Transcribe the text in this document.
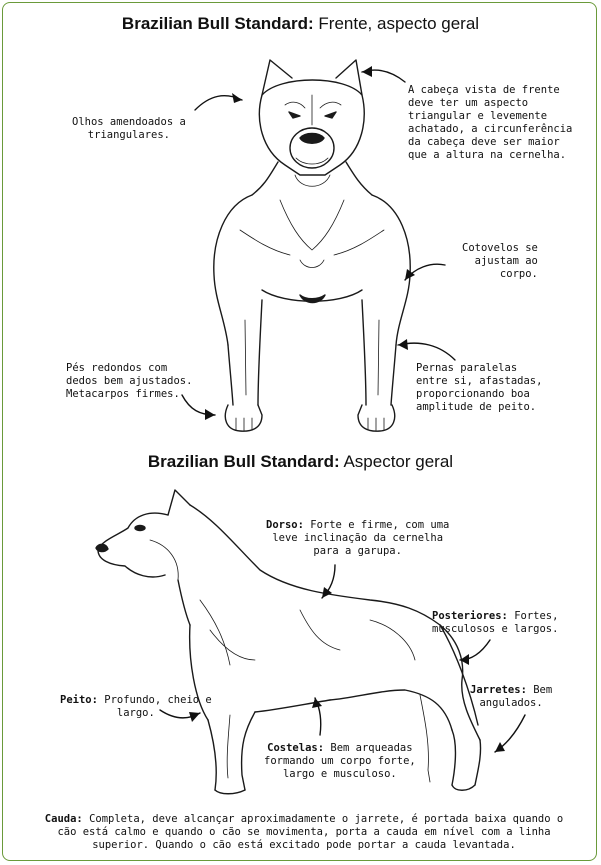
Brazilian Bull Standard: Frente, aspecto geral
Brazilian Bull Standard: Aspector geral
Olhos amendoados a
triangulares.
A cabeça vista de frente
deve ter um aspecto
triangular e levemente
achatado, a circunferência
da cabeça deve ser maior
que a altura na cernelha.
Cotovelos se
ajustam ao
corpo.
Pés redondos com
dedos bem ajustados.
Metacarpos firmes.
Pernas paralelas
entre si, afastadas,
proporcionando boa
amplitude de peito.
Dorso: Forte e firme, com uma
leve inclinação da cernelha
para a garupa.
Posteriores: Fortes,
musculosos e largos.
Jarretes: Bem
angulados.
Peito: Profundo, cheio e
largo.
Costelas: Bem arqueadas
formando um corpo forte,
largo e musculoso.
Cauda: Completa, deve alcançar aproximadamente o jarrete, é portada baixa quando o
cão está calmo e quando o cão se movimenta, porta a cauda em nível com a linha
superior. Quando o cão está excitado pode portar a cauda levantada.
